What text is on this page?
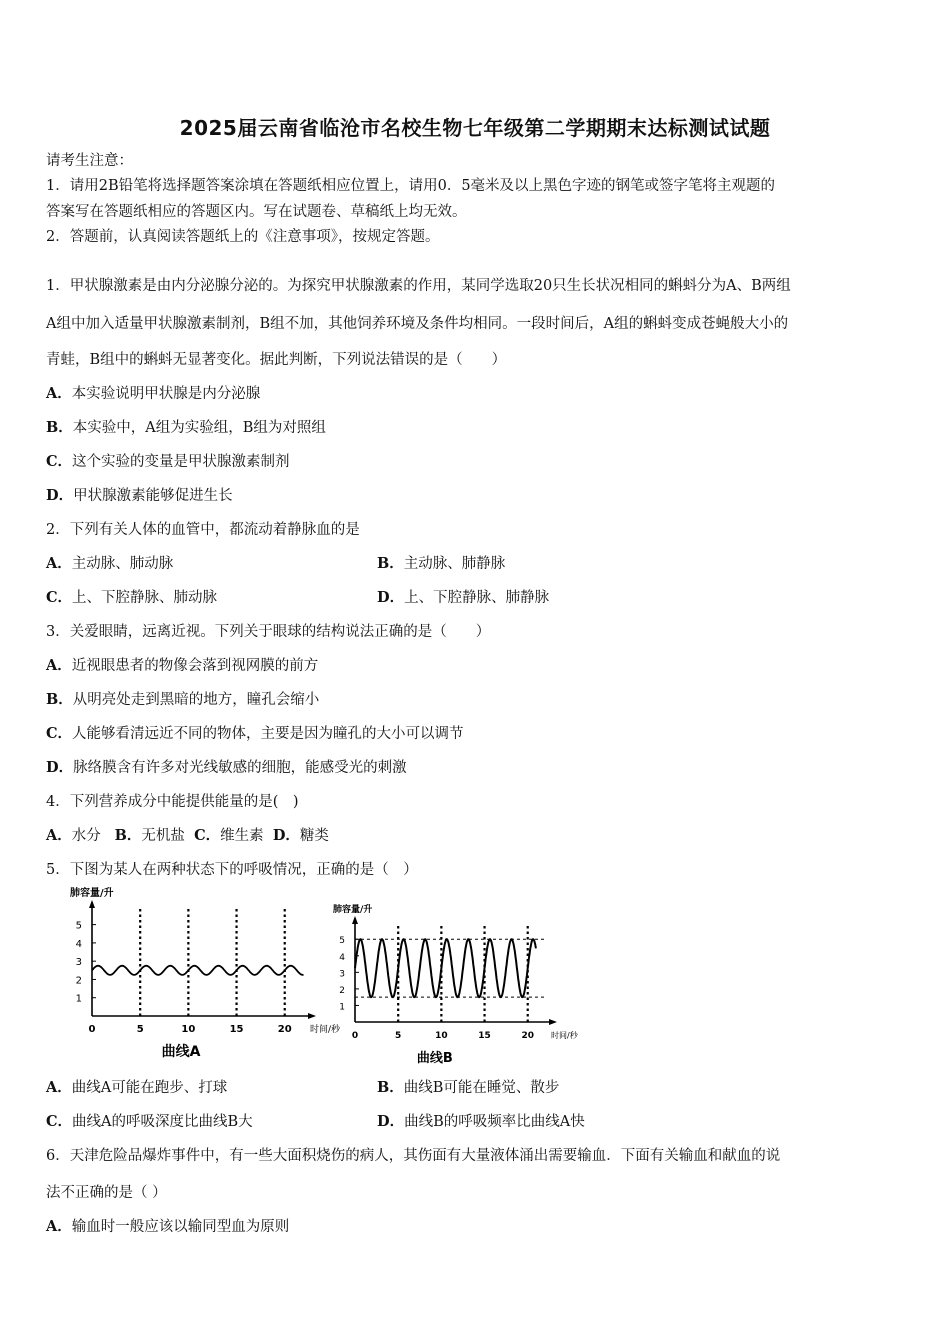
2025届云南省临沧市名校生物七年级第二学期期末达标测试试题
请考生注意：
1．请用2B铅笔将选择题答案涂填在答题纸相应位置上，请用0．5毫米及以上黑色字迹的钢笔或签字笔将主观题的
答案写在答题纸相应的答题区内。写在试题卷、草稿纸上均无效。
2．答题前，认真阅读答题纸上的《注意事项》，按规定答题。
1．甲状腺激素是由内分泌腺分泌的。为探究甲状腺激素的作用，某同学选取20只生长状况相同的蝌蚪分为A、B两组
A组中加入适量甲状腺激素制剂，B组不加，其他饲养环境及条件均相同。一段时间后，A组的蝌蚪变成苍蝇般大小的
青蛙，B组中的蝌蚪无显著变化。据此判断，下列说法错误的是（　　）
A．本实验说明甲状腺是内分泌腺
B．本实验中，A组为实验组，B组为对照组
C．这个实验的变量是甲状腺激素制剂
D．甲状腺激素能够促进生长
2．下列有关人体的血管中，都流动着静脉血的是
A．主动脉、肺动脉	B．主动脉、肺静脉
C．上、下腔静脉、肺动脉	D．上、下腔静脉、肺静脉
3．关爱眼睛，远离近视。下列关于眼球的结构说法正确的是（　　）
A．近视眼患者的物像会落到视网膜的前方
B．从明亮处走到黑暗的地方，瞳孔会缩小
C．人能够看清远近不同的物体，主要是因为瞳孔的大小可以调节
D．脉络膜含有许多对光线敏感的细胞，能感受光的刺激
4．下列营养成分中能提供能量的是(　)
A．水分 B．无机盐 C．维生素 D．糖类
5．下图为某人在两种状态下的呼吸情况，正确的是（　）
肺容量/升
1
2
3
4
5
0	5	10	15	20 时间/秒
曲线A
肺容量/升
1
2
3
4
5
0	5	10	15	20 时间/秒
曲线B
A．曲线A可能在跑步、打球	B．曲线B可能在睡觉、散步
C．曲线A的呼吸深度比曲线B大	D．曲线B的呼吸频率比曲线A快
6．天津危险品爆炸事件中，有一些大面积烧伤的病人，其伤面有大量液体涌出需要输血．下面有关输血和献血的说
法不正确的是（ ）
A．输血时一般应该以输同型血为原则
